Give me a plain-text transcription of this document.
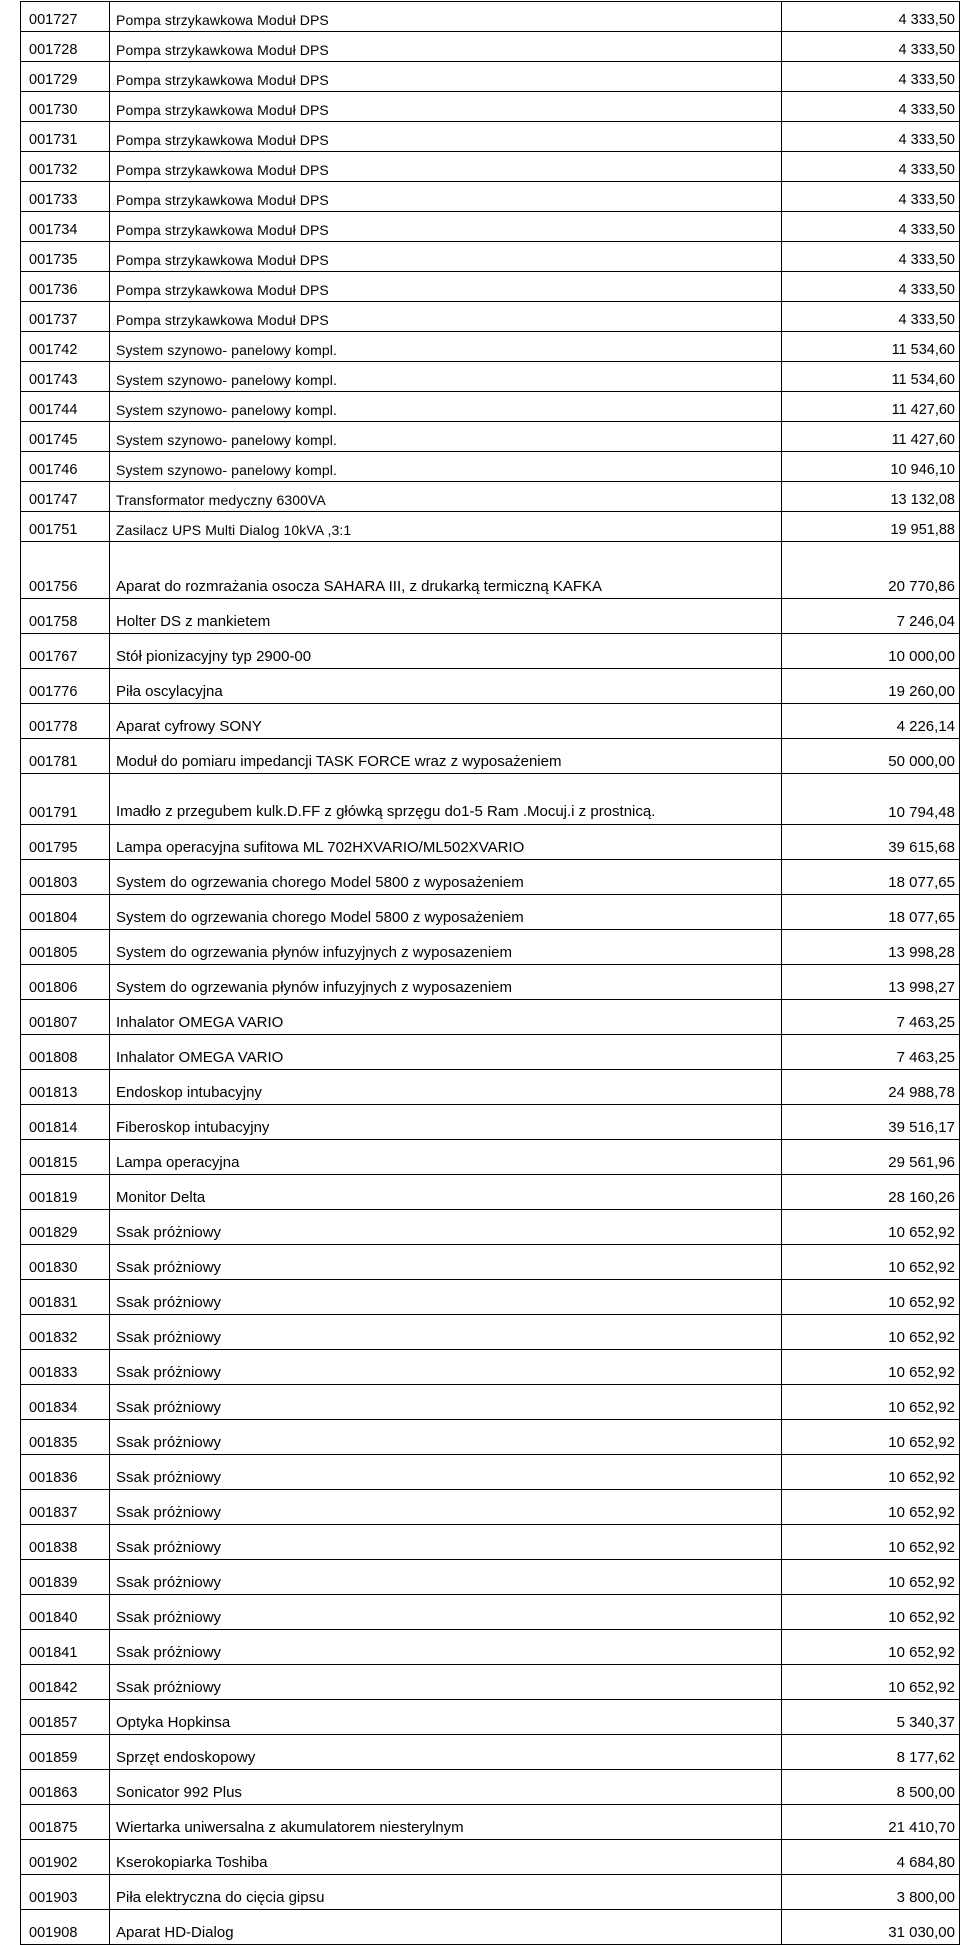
001727	Pompa strzykawkowa Moduł DPS	4 333,50
001728	Pompa strzykawkowa Moduł DPS	4 333,50
001729	Pompa strzykawkowa Moduł DPS	4 333,50
001730	Pompa strzykawkowa Moduł DPS	4 333,50
001731	Pompa strzykawkowa Moduł DPS	4 333,50
001732	Pompa strzykawkowa Moduł DPS	4 333,50
001733	Pompa strzykawkowa Moduł DPS	4 333,50
001734	Pompa strzykawkowa Moduł DPS	4 333,50
001735	Pompa strzykawkowa Moduł DPS	4 333,50
001736	Pompa strzykawkowa Moduł DPS	4 333,50
001737	Pompa strzykawkowa Moduł DPS	4 333,50
001742	System szynowo- panelowy kompl.	11 534,60
001743	System szynowo- panelowy kompl.	11 534,60
001744	System szynowo- panelowy kompl.	11 427,60
001745	System szynowo- panelowy kompl.	11 427,60
001746	System szynowo- panelowy kompl.	10 946,10
001747	Transformator medyczny 6300VA	13 132,08
001751	Zasilacz UPS Multi Dialog 10kVA ,3:1	19 951,88
001756	Aparat do rozmrażania osocza SAHARA III, z drukarką termiczną KAFKA	20 770,86
001758	Holter DS z mankietem	7 246,04
001767	Stół pionizacyjny typ 2900-00	10 000,00
001776	Piła oscylacyjna	19 260,00
001778	Aparat cyfrowy SONY	4 226,14
001781	Moduł do pomiaru impedancji TASK FORCE wraz z wyposażeniem	50 000,00
001791	Imadło z przegubem kulk.D.FF z główką sprzęgu do1-5 Ram .Mocuj.i z prostnicą.	10 794,48
001795	Lampa operacyjna sufitowa ML 702HXVARIO/ML502XVARIO	39 615,68
001803	System do ogrzewania chorego Model 5800 z wyposażeniem	18 077,65
001804	System do ogrzewania chorego Model 5800 z wyposażeniem	18 077,65
001805	System do ogrzewania płynów infuzyjnych z wyposazeniem	13 998,28
001806	System do ogrzewania płynów infuzyjnych z wyposazeniem	13 998,27
001807	Inhalator OMEGA VARIO	7 463,25
001808	Inhalator OMEGA VARIO	7 463,25
001813	Endoskop intubacyjny	24 988,78
001814	Fiberoskop intubacyjny	39 516,17
001815	Lampa operacyjna	29 561,96
001819	Monitor Delta	28 160,26
001829	Ssak próżniowy	10 652,92
001830	Ssak próżniowy	10 652,92
001831	Ssak próżniowy	10 652,92
001832	Ssak próżniowy	10 652,92
001833	Ssak próżniowy	10 652,92
001834	Ssak próżniowy	10 652,92
001835	Ssak próżniowy	10 652,92
001836	Ssak próżniowy	10 652,92
001837	Ssak próżniowy	10 652,92
001838	Ssak próżniowy	10 652,92
001839	Ssak próżniowy	10 652,92
001840	Ssak próżniowy	10 652,92
001841	Ssak próżniowy	10 652,92
001842	Ssak próżniowy	10 652,92
001857	Optyka Hopkinsa	5 340,37
001859	Sprzęt endoskopowy	8 177,62
001863	Sonicator 992 Plus	8 500,00
001875	Wiertarka uniwersalna z akumulatorem niesterylnym	21 410,70
001902	Kserokopiarka Toshiba	4 684,80
001903	Piła elektryczna do cięcia gipsu	3 800,00
001908	Aparat HD-Dialog	31 030,00
